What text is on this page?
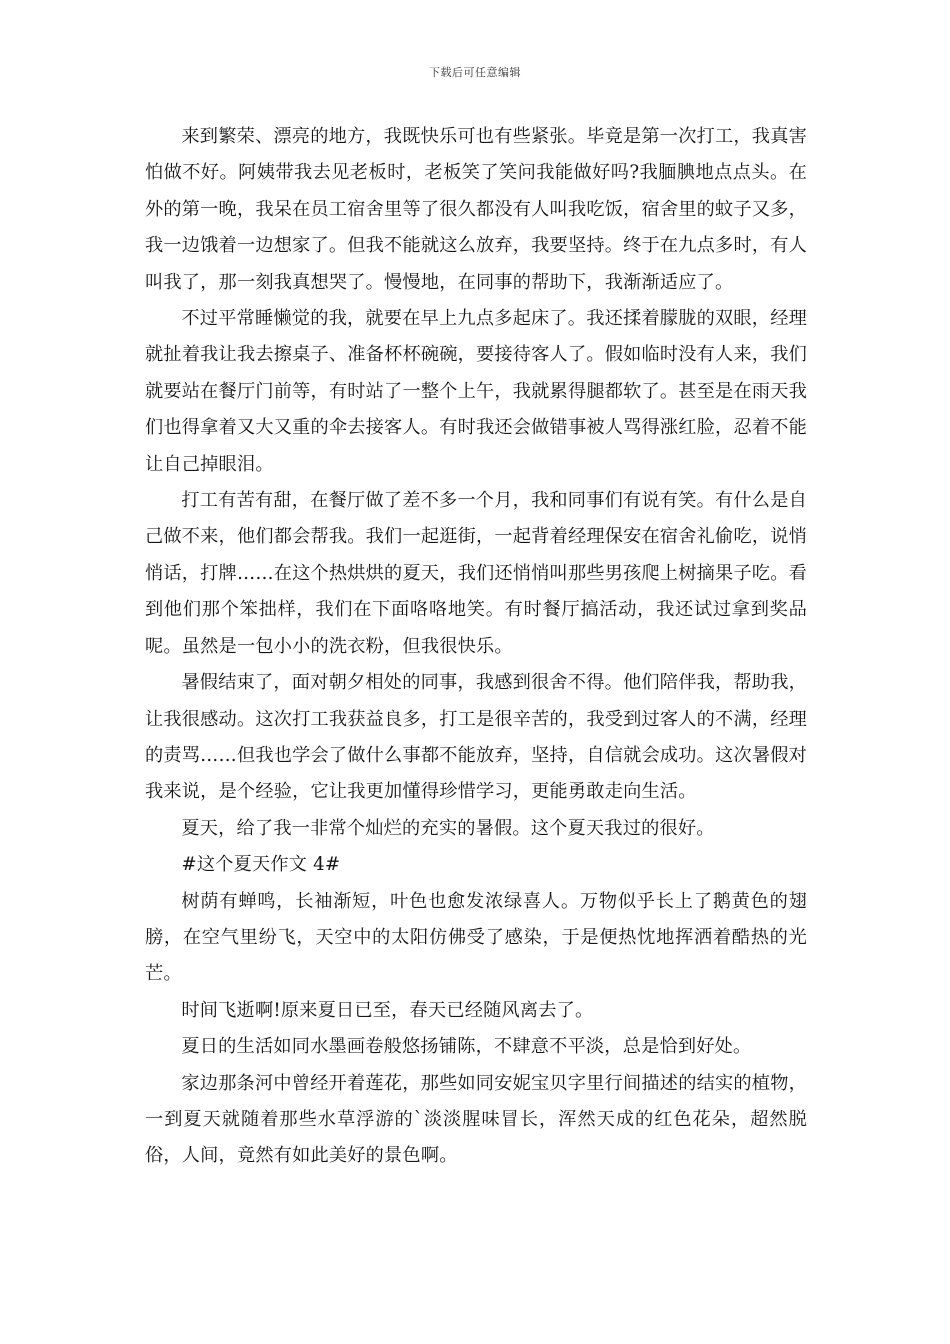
下载后可任意编辑

来到繁荣、漂亮的地方，我既快乐可也有些紧张。毕竟是第一次打工，我真害怕做不好。阿姨带我去见老板时，老板笑了笑问我能做好吗?我腼腆地点点头。在外的第一晚，我呆在员工宿舍里等了很久都没有人叫我吃饭，宿舍里的蚊子又多，我一边饿着一边想家了。但我不能就这么放弃，我要坚持。终于在九点多时，有人叫我了，那一刻我真想哭了。慢慢地，在同事的帮助下，我渐渐适应了。

不过平常睡懒觉的我，就要在早上九点多起床了。我还揉着朦胧的双眼，经理就扯着我让我去擦桌子、准备杯杯碗碗，要接待客人了。假如临时没有人来，我们就要站在餐厅门前等，有时站了一整个上午，我就累得腿都软了。甚至是在雨天我们也得拿着又大又重的伞去接客人。有时我还会做错事被人骂得涨红脸，忍着不能让自己掉眼泪。

打工有苦有甜，在餐厅做了差不多一个月，我和同事们有说有笑。有什么是自己做不来，他们都会帮我。我们一起逛街，一起背着经理保安在宿舍礼偷吃，说悄悄话，打牌……在这个热烘烘的夏天，我们还悄悄叫那些男孩爬上树摘果子吃。看到他们那个笨拙样，我们在下面咯咯地笑。有时餐厅搞活动，我还试过拿到奖品呢。虽然是一包小小的洗衣粉，但我很快乐。

暑假结束了，面对朝夕相处的同事，我感到很舍不得。他们陪伴我，帮助我，让我很感动。这次打工我获益良多，打工是很辛苦的，我受到过客人的不满，经理的责骂……但我也学会了做什么事都不能放弃，坚持，自信就会成功。这次暑假对我来说，是个经验，它让我更加懂得珍惜学习，更能勇敢走向生活。

夏天，给了我一非常个灿烂的充实的暑假。这个夏天我过的很好。

#这个夏天作文 4#

树荫有蝉鸣，长袖渐短，叶色也愈发浓绿喜人。万物似乎长上了鹅黄色的翅膀，在空气里纷飞，天空中的太阳仿佛受了感染，于是便热忱地挥洒着酷热的光芒。

时间飞逝啊!原来夏日已至，春天已经随风离去了。

夏日的生活如同水墨画卷般悠扬铺陈，不肆意不平淡，总是恰到好处。

家边那条河中曾经开着莲花，那些如同安妮宝贝字里行间描述的结实的植物，一到夏天就随着那些水草浮游的`淡淡腥味冒长，浑然天成的红色花朵，超然脱俗，人间，竟然有如此美好的景色啊。
